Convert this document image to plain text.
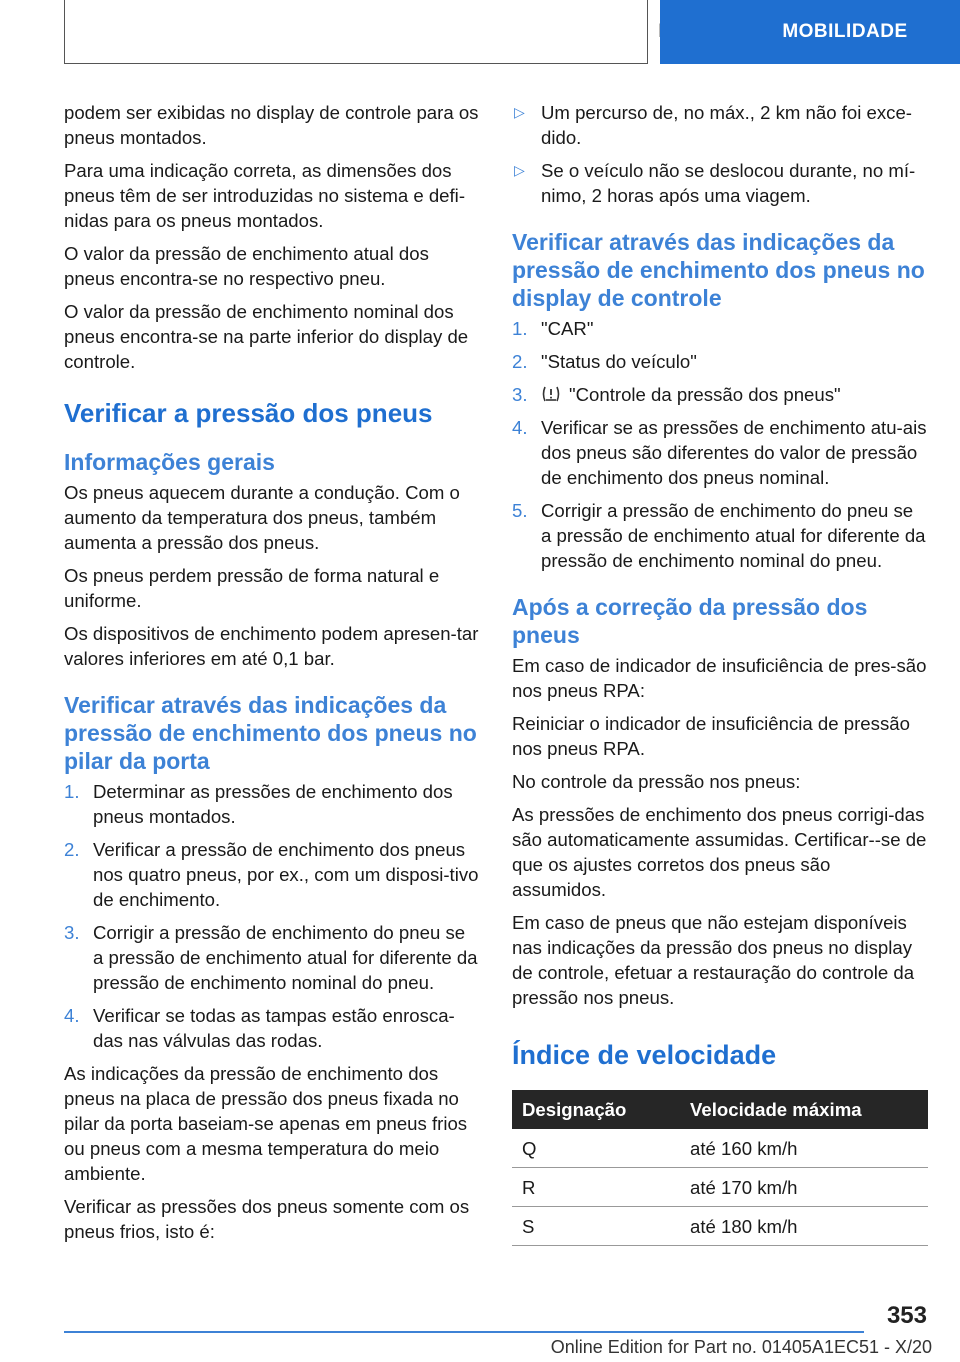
MOBILIDADE

podem ser exibidas no display de controle para os pneus montados.

Para uma indicação correta, as dimensões dos pneus têm de ser introduzidas no sistema e defi-nidas para os pneus montados.

O valor da pressão de enchimento atual dos pneus encontra-se no respectivo pneu.

O valor da pressão de enchimento nominal dos pneus encontra-se na parte inferior do display de controle.

Verificar a pressão dos pneus
Informações gerais

Os pneus aquecem durante a condução. Com o aumento da temperatura dos pneus, também aumenta a pressão dos pneus.

Os pneus perdem pressão de forma natural e uniforme.

Os dispositivos de enchimento podem apresen-tar valores inferiores em até 0,1 bar.

Verificar através das indicações da pressão de enchimento dos pneus no pilar da porta
1. Determinar as pressões de enchimento dos pneus montados.
2. Verificar a pressão de enchimento dos pneus nos quatro pneus, por ex., com um disposi-tivo de enchimento.
3. Corrigir a pressão de enchimento do pneu se a pressão de enchimento atual for diferente da pressão de enchimento nominal do pneu.
4. Verificar se todas as tampas estão enrosca-das nas válvulas das rodas.

As indicações da pressão de enchimento dos pneus na placa de pressão dos pneus fixada no pilar da porta baseiam-se apenas em pneus frios ou pneus com a mesma temperatura do meio ambiente.

Verificar as pressões dos pneus somente com os pneus frios, isto é:

▷ Um percurso de, no máx., 2 km não foi exce-dido.
▷ Se o veículo não se deslocou durante, no mí-nimo, 2 horas após uma viagem.
Verificar através das indicações da pressão de enchimento dos pneus no display de controle
1. "CAR"
2. "Status do veículo"
3. "Controle da pressão dos pneus"
4. Verificar se as pressões de enchimento atu-ais dos pneus são diferentes do valor de pressão de enchimento dos pneus nominal.
5. Corrigir a pressão de enchimento do pneu se a pressão de enchimento atual for diferente da pressão de enchimento nominal do pneu.
Após a correção da pressão dos pneus

Em caso de indicador de insuficiência de pres-são nos pneus RPA:

Reiniciar o indicador de insuficiência de pressão nos pneus RPA.

No controle da pressão nos pneus:

As pressões de enchimento dos pneus corrigi-das são automaticamente assumidas. Certificar--se de que os ajustes corretos dos pneus são assumidos.

Em caso de pneus que não estejam disponíveis nas indicações da pressão dos pneus no display de controle, efetuar a restauração do controle da pressão nos pneus.

Índice de velocidade
Designação	Velocidade máxima
Q	até 160 km/h
R	até 170 km/h
S	até 180 km/h
353
Online Edition for Part no. 01405A1EC51 - X/20
